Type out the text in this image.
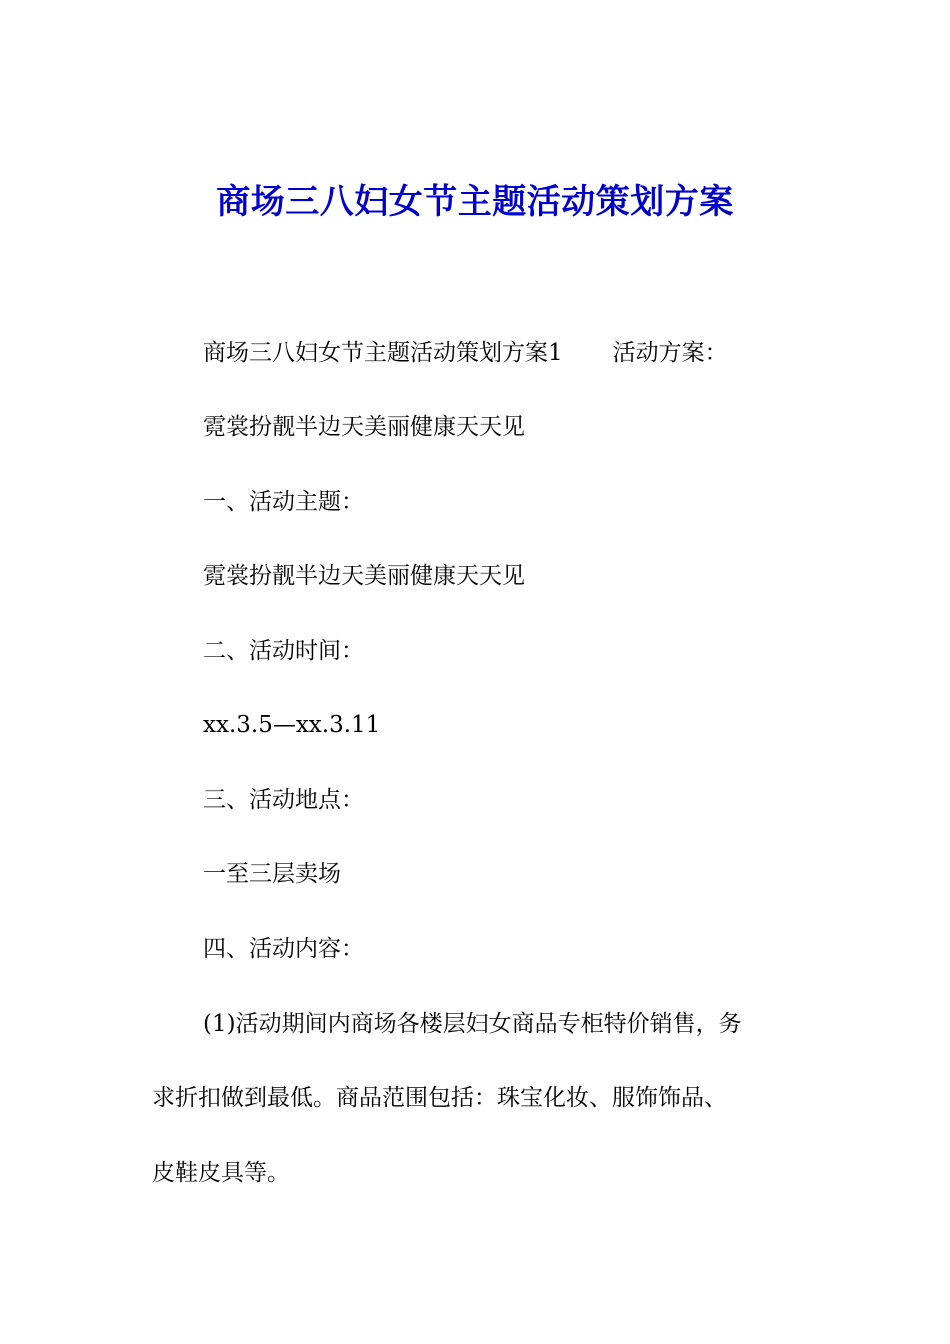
商场三八妇女节主题活动策划方案
商场三八妇女节主题活动策划方案1 活动方案：
霓裳扮靓半边天美丽健康天天见
一、活动主题：
霓裳扮靓半边天美丽健康天天见
二、活动时间：
xx.3.5—xx.3.11
三、活动地点：
一至三层卖场
四、活动内容：
(1)活动期间内商场各楼层妇女商品专柜特价销售，务
求折扣做到最低。商品范围包括：珠宝化妆、服饰饰品、
皮鞋皮具等。
